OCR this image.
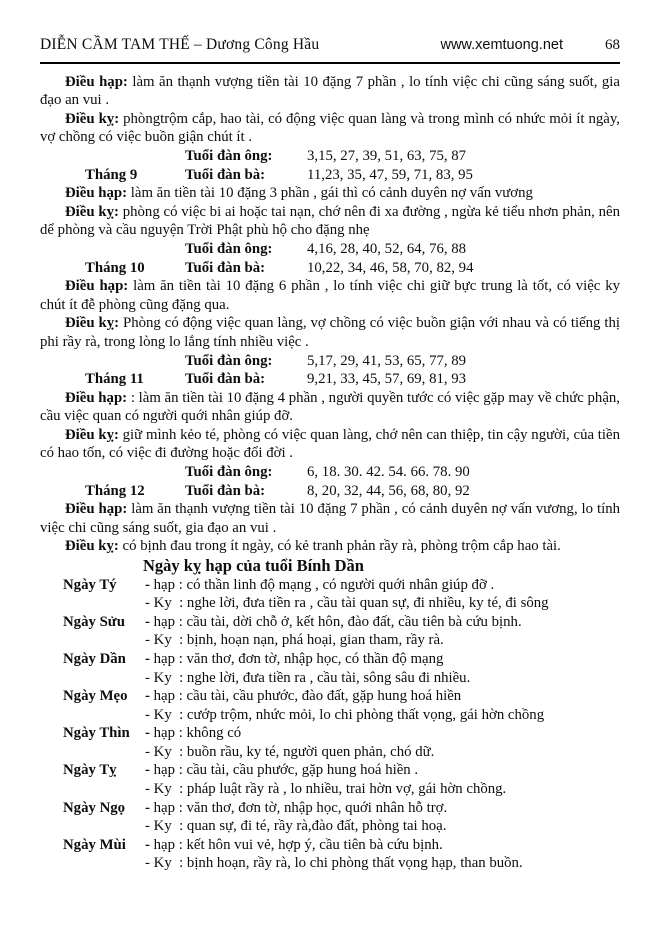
DIỄN CẦM TAM THẾ – Dương Công Hầu	www.xemtuong.net	68

Điều hạp: làm ăn thạnh vượng tiền tài 10 đặng 7 phần , lo tính việc chi cũng sáng suốt, gia đạo an vui .

Điều kỵ: phòngtrộm cắp, hao tài, có động việc quan làng và trong mình có nhức mỏi ít ngày, vợ chồng có việc buồn giận chút ít .

Tuổi đàn ông:	3,15, 27, 39, 51, 63, 75, 87
Tháng 9	Tuổi đàn bà:	11,23, 35, 47, 59, 71, 83, 95

Điều hạp: làm ăn tiền tài 10 đặng 3 phần , gái thì có cảnh duyên nợ vấn vương

Điều kỵ: phòng có việc bi ai hoặc tai nạn, chớ nên đi xa đường , ngừa kẻ tiểu nhơn phản, nên dể phòng và cầu nguyện Trời Phật phù hộ cho đặng nhẹ

Tuổi đàn ông:	4,16, 28, 40, 52, 64, 76, 88
Tháng 10	Tuổi đàn bà:	10,22, 34, 46, 58, 70, 82, 94

Điều hạp: làm ăn tiền tài 10 đặng 6 phần , lo tính việc chi giữ bực trung là tốt, có việc ky chút ít đễ phòng cũng đặng qua.

Điều kỵ: Phòng có động việc quan làng, vợ chồng có việc buồn giận với nhau và có tiếng thị phi rầy rà, trong lòng lo lắng tính nhiều việc .

Tuổi đàn ông:	5,17, 29, 41, 53, 65, 77, 89
Tháng 11	Tuổi đàn bà:	9,21, 33, 45, 57, 69, 81, 93

Điều hạp: : làm ăn tiền tài 10 đặng 4 phần , người quyền tước có việc gặp may về chức phận, cầu việc quan có người quới nhân giúp đỡ.

Điều kỵ: giữ mình kẻo té, phòng có việc quan làng, chớ nên can thiệp, tin cậy người, của tiền có hao tốn, có việc đi đường hoặc đổi đời .

Tuổi đàn ông:	6, 18. 30. 42. 54. 66. 78. 90
Tháng 12	Tuổi đàn bà:	8, 20, 32, 44, 56, 68, 80, 92

Điều hạp: làm ăn thạnh vượng tiền tài 10 đặng 7 phần , có cảnh duyên nợ vấn vương, lo tính việc chi cũng sáng suốt, gia đạo an vui .

Điều kỵ: có bịnh đau trong ít ngày, có kẻ tranh phản rầy rà, phòng trộm cắp hao tài.

Ngày kỵ hạp của tuổi Bính Dần
Ngày Tý	- hạp : có thần linh độ mạng , có người quới nhân giúp đỡ .
- Ky  : nghe lời, đưa tiền ra , cầu tài quan sự, đi nhiều, ky té, đi sông
Ngày Sửu	- hạp : cầu tài, dời chỗ ở, kết hôn, đào đất, cầu tiên bà cứu bịnh.
- Ky  : bịnh, hoạn nạn, phá hoại, gian tham, rầy rà.
Ngày Dần	- hạp : văn thơ, đơn tờ, nhập học, có thần độ mạng
- Ky  : nghe lời, đưa tiền ra , cầu tài, sông sâu đi nhiều.
Ngày Mẹo	- hạp : cầu tài, cầu phước, đào đất, gặp hung hoá hiền
- Ky  : cướp trộm, nhức mỏi, lo chi phòng thất vọng, gái hờn chồng
Ngày Thìn	- hạp : không có
- Ky  : buồn rầu, ky té, người quen phản, chó dữ.
Ngày Tỵ	- hạp : cầu tài, cầu phước, gặp hung hoá hiền .
- Ky  : pháp luật rầy rà , lo nhiều, trai hờn vợ, gái hờn chồng.
Ngày Ngọ	- hạp : văn thơ, đơn tờ, nhập học, quới nhân hỗ trợ.
- Ky  : quan sự, đi té, rầy rà,đào đất, phòng tai hoạ.
Ngày Mùi	- hạp : kết hôn vui vẻ, hợp ý, cầu tiên bà cứu bịnh.
- Ky  : bịnh hoạn, rầy rà, lo chi phòng thất vọng hạp, than buồn.
